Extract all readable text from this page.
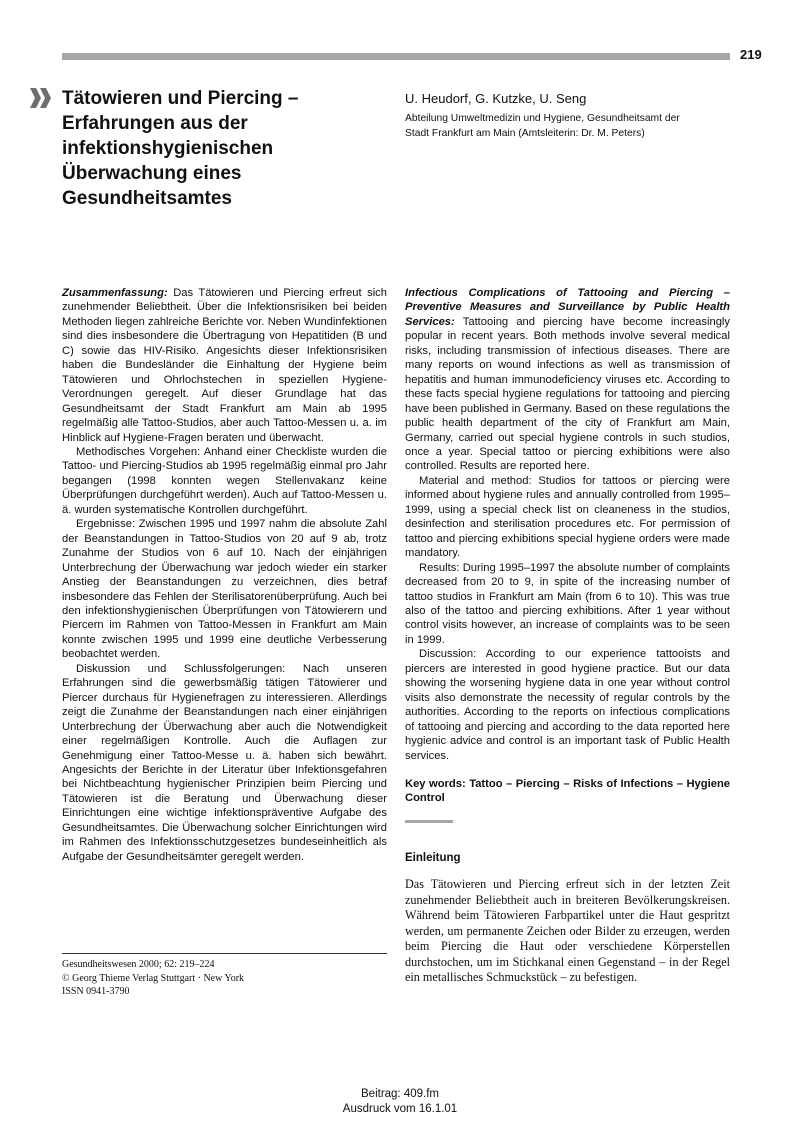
219
Tätowieren und Piercing –
Erfahrungen aus der
infektionshygienischen
Überwachung eines
Gesundheitsamtes
U. Heudorf, G. Kutzke, U. Seng
Abteilung Umweltmedizin und Hygiene, Gesundheitsamt der
Stadt Frankfurt am Main (Amtsleiterin: Dr. M. Peters)

Zusammenfassung: Das Tätowieren und Piercing erfreut sich zunehmender Beliebtheit. Über die Infektionsrisiken bei beiden Methoden liegen zahlreiche Berichte vor. Neben Wundinfektionen sind dies insbesondere die Übertragung von Hepatitiden (B und C) sowie das HIV-Risiko. Angesichts dieser Infektionsrisiken haben die Bundesländer die Einhaltung der Hygiene beim Tätowieren und Ohrlochstechen in speziellen Hygiene-Verordnungen geregelt. Auf dieser Grundlage hat das Gesundheitsamt der Stadt Frankfurt am Main ab 1995 regelmäßig alle Tattoo-Studios, aber auch Tattoo-Messen u. a. im Hinblick auf Hygiene-Fragen beraten und überwacht.

Methodisches Vorgehen: Anhand einer Checkliste wurden die Tattoo- und Piercing-Studios ab 1995 regelmäßig einmal pro Jahr begangen (1998 konnten wegen Stellenvakanz keine Überprüfungen durchgeführt werden). Auch auf Tattoo-Messen u. ä. wurden systematische Kontrollen durchgeführt.

Ergebnisse: Zwischen 1995 und 1997 nahm die absolute Zahl der Beanstandungen in Tattoo-Studios von 20 auf 9 ab, trotz Zunahme der Studios von 6 auf 10. Nach der einjährigen Unterbrechung der Überwachung war jedoch wieder ein starker Anstieg der Beanstandungen zu verzeichnen, dies betraf insbesondere das Fehlen der Sterilisatorenüberprüfung. Auch bei den infektionshygienischen Überprüfungen von Tätowierern und Piercern im Rahmen von Tattoo-Messen in Frankfurt am Main konnte zwischen 1995 und 1999 eine deutliche Verbesserung beobachtet werden.

Diskussion und Schlussfolgerungen: Nach unseren Erfahrungen sind die gewerbsmäßig tätigen Tätowierer und Piercer durchaus für Hygienefragen zu interessieren. Allerdings zeigt die Zunahme der Beanstandungen nach einer einjährigen Unterbrechung der Überwachung aber auch die Notwendigkeit einer regelmäßigen Kontrolle. Auch die Auflagen zur Genehmigung einer Tattoo-Messe u. ä. haben sich bewährt. Angesichts der Berichte in der Literatur über Infektionsgefahren bei Nichtbeachtung hygienischer Prinzipien beim Piercing und Tätowieren ist die Beratung und Überwachung dieser Einrichtungen eine wichtige infektionspräventive Aufgabe des Gesundheitsamtes. Die Überwachung solcher Einrichtungen wird im Rahmen des Infektionsschutzgesetzes bundeseinheitlich als Aufgabe der Gesundheitsämter geregelt werden.

Infectious Complications of Tattooing and Piercing – Preventive Measures and Surveillance by Public Health Services: Tattooing and piercing have become increasingly popular in recent years. Both methods involve several medical risks, including transmission of infectious diseases. There are many reports on wound infections as well as transmission of hepatitis and human immunodeficiency viruses etc. According to these facts special hygiene regulations for tattooing and piercing have been published in Germany. Based on these regulations the public health department of the city of Frankfurt am Main, Germany, carried out special hygiene controls in such studios, once a year. Special tattoo or piercing exhibitions were also controlled. Results are reported here.

Material and method: Studios for tattoos or piercing were informed about hygiene rules and annually controlled from 1995–1999, using a special check list on cleaneness in the studios, desinfection and sterilisation procedures etc. For permission of tattoo and piercing exhibitions special hygiene orders were made mandatory.

Results: During 1995–1997 the absolute number of complaints decreased from 20 to 9, in spite of the increasing number of tattoo studios in Frankfurt am Main (from 6 to 10). This was true also of the tattoo and piercing exhibitions. After 1 year without control visits however, an increase of complaints was to be seen in 1999.

Discussion: According to our experience tattooists and piercers are interested in good hygiene practice. But our data showing the worsening hygiene data in one year without control visits also demonstrate the necessity of regular controls by the authorities. According to the reports on infectious complications of tattooing and piercing and according to the data reported here hygienic advice and control is an important task of Public Health services.

Key words: Tattoo – Piercing – Risks of Infections – Hygiene Control

Einleitung

Das Tätowieren und Piercing erfreut sich in der letzten Zeit zunehmender Beliebtheit auch in breiteren Bevölkerungskreisen. Während beim Tätowieren Farbpartikel unter die Haut gespritzt werden, um permanente Zeichen oder Bilder zu erzeugen, werden beim Piercing die Haut oder verschiedene Körperstellen durchstochen, um im Stichkanal einen Gegenstand – in der Regel ein metallisches Schmuckstück – zu befestigen.

Gesundheitswesen 2000; 62: 219–224
© Georg Thieme Verlag Stuttgart · New York
ISSN 0941-3790
Beitrag: 409.fm
Ausdruck vom 16.1.01
